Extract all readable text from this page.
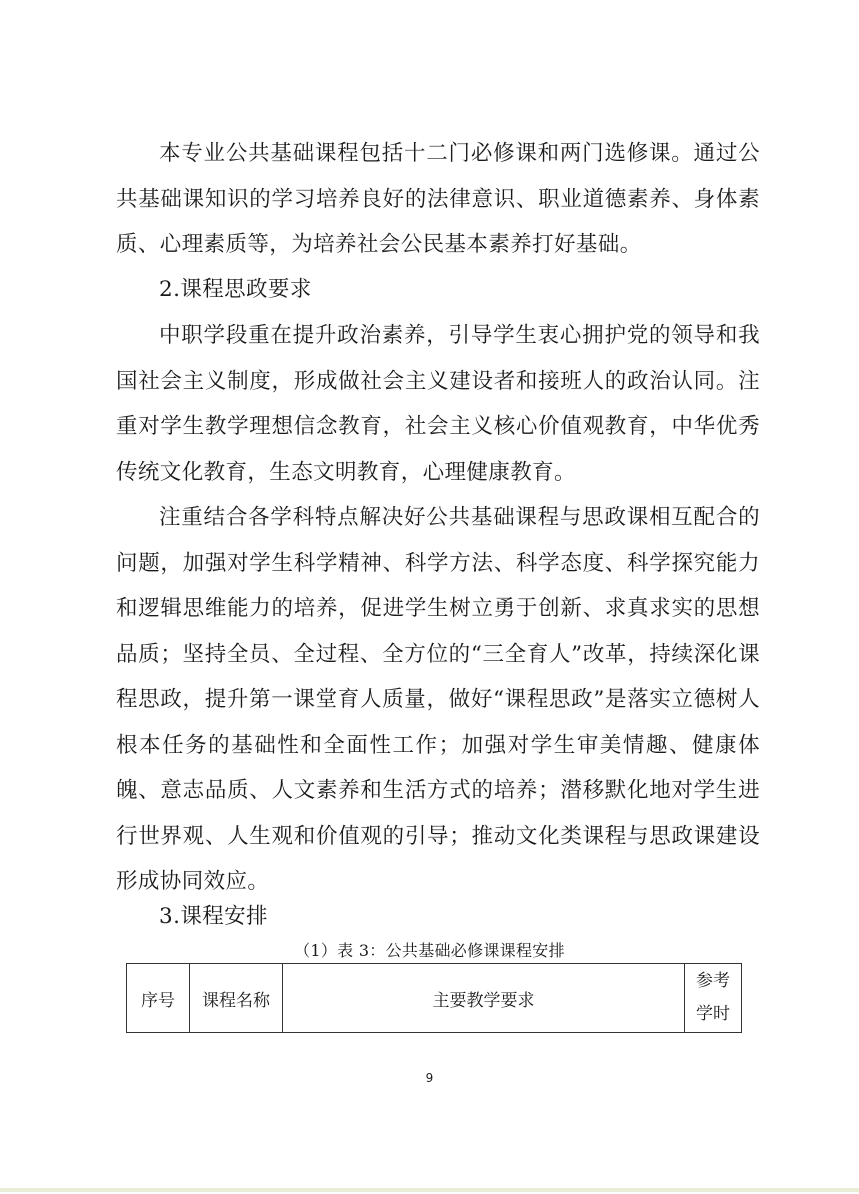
本专业公共基础课程包括十二门必修课和两门选修课。通过公共基础课知识的学习培养良好的法律意识、职业道德素养、身体素质、心理素质等，为培养社会公民基本素养打好基础。

2.课程思政要求

中职学段重在提升政治素养，引导学生衷心拥护党的领导和我国社会主义制度，形成做社会主义建设者和接班人的政治认同。注重对学生教学理想信念教育，社会主义核心价值观教育，中华优秀传统文化教育，生态文明教育，心理健康教育。

注重结合各学科特点解决好公共基础课程与思政课相互配合的问题，加强对学生科学精神、科学方法、科学态度、科学探究能力和逻辑思维能力的培养，促进学生树立勇于创新、求真求实的思想品质；坚持全员、全过程、全方位的“三全育人”改革，持续深化课程思政，提升第一课堂育人质量，做好“课程思政”是落实立德树人根本任务的基础性和全面性工作；加强对学生审美情趣、健康体魄、意志品质、人文素养和生活方式的培养；潜移默化地对学生进行世界观、人生观和价值观的引导；推动文化类课程与思政课建设形成协同效应。

3.课程安排

（1）表 3：公共基础必修课课程安排
序号	课程名称	主要教学要求	参考
学时
9
